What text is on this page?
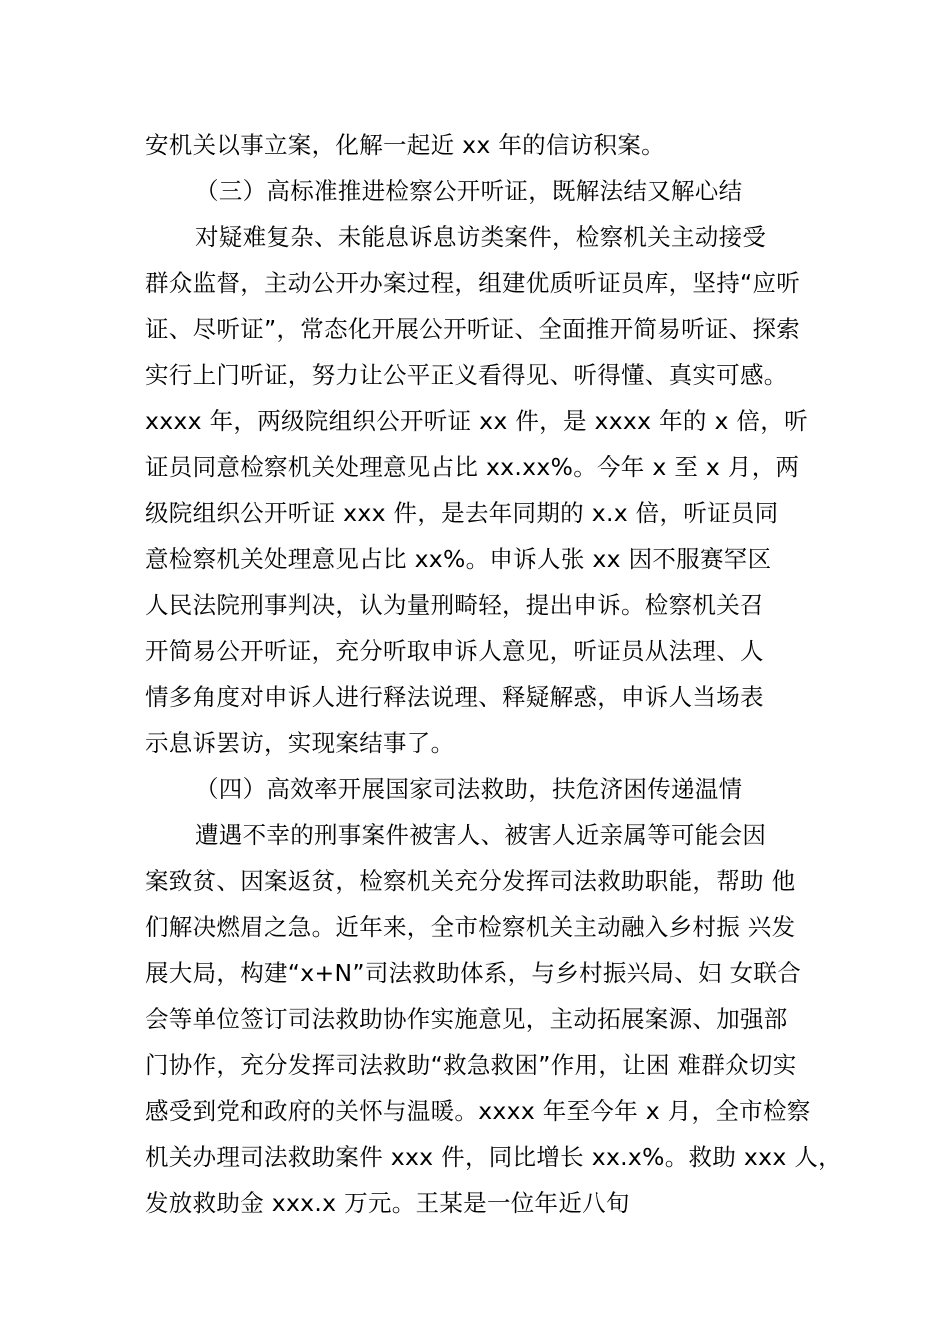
安机关以事立案，化解一起近 xx 年的信访积案。
（三）高标准推进检察公开听证，既解法结又解心结
对疑难复杂、未能息诉息访类案件，检察机关主动接受
群众监督，主动公开办案过程，组建优质听证员库，坚持“应听
证、尽听证”，常态化开展公开听证、全面推开简易听证、探索
实行上门听证，努力让公平正义看得见、听得懂、真实可感。
xxxx 年，两级院组织公开听证 xx 件，是 xxxx 年的 x 倍，听
证员同意检察机关处理意见占比 xx.xx%。今年 x 至 x 月，两
级院组织公开听证 xxx 件，是去年同期的 x.x 倍，听证员同
意检察机关处理意见占比 xx%。申诉人张 xx 因不服赛罕区
人民法院刑事判决，认为量刑畸轻，提出申诉。检察机关召
开简易公开听证，充分听取申诉人意见，听证员从法理、人
情多角度对申诉人进行释法说理、释疑解惑，申诉人当场表
示息诉罢访，实现案结事了。
（四）高效率开展国家司法救助，扶危济困传递温情
遭遇不幸的刑事案件被害人、被害人近亲属等可能会因
案致贫、因案返贫，检察机关充分发挥司法救助职能，帮助 他
们解决燃眉之急。近年来，全市检察机关主动融入乡村振 兴发
展大局，构建“x+N”司法救助体系，与乡村振兴局、妇 女联合
会等单位签订司法救助协作实施意见，主动拓展案源、加强部
门协作，充分发挥司法救助“救急救困”作用，让困 难群众切实
感受到党和政府的关怀与温暖。xxxx 年至今年 x 月，全市检察
机关办理司法救助案件 xxx 件，同比增长 xx.x%。救助 xxx 人，
发放救助金 xxx.x 万元。王某是一位年近八旬
